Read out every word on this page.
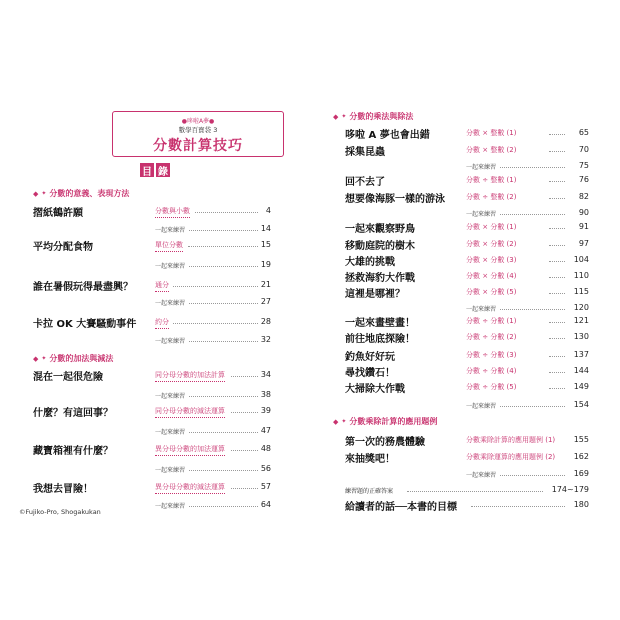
●哆啦A夢●
數學百寶袋 3
分數計算技巧
目 錄
◆ ✦ 分數的意義、表現方法
◆ ✦ 分數的加法與減法
◆ ✦ 分數的乘法與除法
◆ ✦ 分數乘除計算的應用題例
摺紙鶴許願	分數與小數	4
一起來練習	14
平均分配食物	單位分數	15
一起來練習	19
誰在暑假玩得最盡興？	通分	21
一起來練習	27
卡拉 OK 大賽騷動事件	約分	28
一起來練習	32
混在一起很危險	同分母分數的加法計算	34
一起來練習	38
什麼？有這回事？	同分母分數的減法運算	39
一起來練習	47
藏寶箱裡有什麼？	異分母分數的加法運算	48
一起來練習	56
我想去冒險！	異分母分數的減法運算	57
一起來練習	64
哆啦 A 夢也會出錯	分數 × 整數 (1)	65
採集昆蟲	分數 × 整數 (2)	70
一起來練習	75
回不去了	分數 ÷ 整數 (1)	76
想要像海豚一樣的游泳	分數 ÷ 整數 (2)	82
一起來練習	90
一起來觀察野鳥	分數 × 分數 (1)	91
移動庭院的樹木	分數 × 分數 (2)	97
大雄的挑戰	分數 × 分數 (3)	104
拯救海豹大作戰	分數 × 分數 (4)	110
這裡是哪裡？	分數 × 分數 (5)	115
一起來練習	120
一起來畫壁畫！	分數 ÷ 分數 (1)	121
前往地底探險！	分數 ÷ 分數 (2)	130
釣魚好好玩	分數 ÷ 分數 (3)	137
尋找鑽石！	分數 ÷ 分數 (4)	144
大掃除大作戰	分數 ÷ 分數 (5)	149
一起來練習	154
第一次的務農體驗	分數乘除計算的應用題例 (1)	155
來抽獎吧！	分數乘除運算的應用題例 (2)	162
一起來練習	169
練習題的正確答案	174~179
給讀者的話──本書的目標	180
©Fujiko-Pro, Shogakukan
